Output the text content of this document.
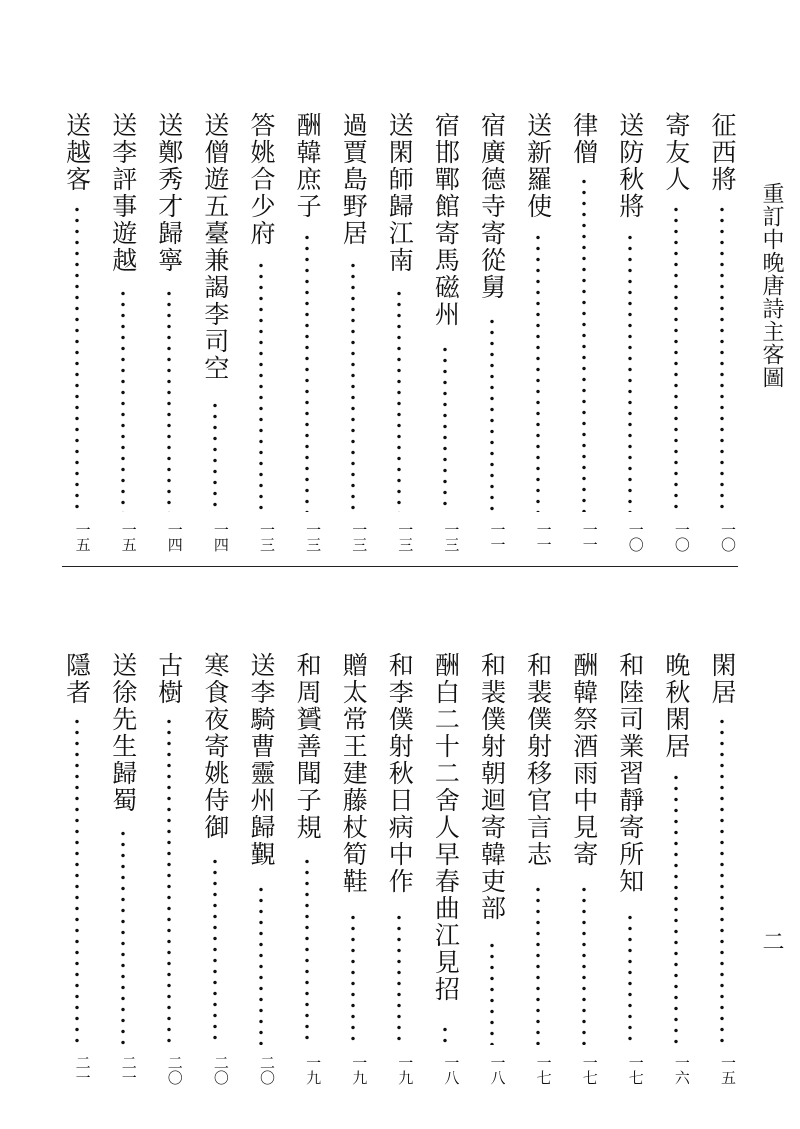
重訂中晚唐詩主客圖
二
征西將
一〇
寄友人
一〇
送防秋將
一〇
律僧
一一
送新羅使
一一
宿廣德寺寄從舅
一一
宿邯鄲館寄馬磁州
一三
送閑師歸江南
一三
過賈島野居
一三
酬韓庶子
一三
答姚合少府
一三
送僧遊五臺兼謁李司空
一四
送鄭秀才歸寧
一四
送李評事遊越
一五
送越客
一五
閑居
一五
晚秋閑居
一六
和陸司業習靜寄所知
一七
酬韓祭酒雨中見寄
一七
和裴僕射移官言志
一七
和裴僕射朝迴寄韓吏部
一八
酬白二十二舍人早春曲江見招
一八
和李僕射秋日病中作
一九
贈太常王建藤杖筍鞋
一九
和周贇善聞子規
一九
送李騎曹靈州歸覲
二〇
寒食夜寄姚侍御
二〇
古樹
二〇
送徐先生歸蜀
二一
隱者
二一
